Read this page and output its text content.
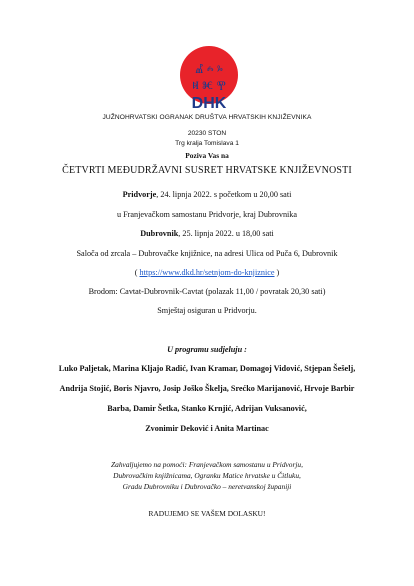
Ⰼ ⰾ ⰳ
Ⱝ Ⱘ Ⰹ
DHK
JUŽNOHRVATSKI OGRANAK DRUŠTVA HRVATSKIH KNJIŽEVNIKA
20230 STON
Trg kralja Tomislava 1
Poziva Vas na
ČETVRTI MEĐUDRŽAVNI SUSRET HRVATSKE KNJIŽEVNOSTI
Pridvorje, 24. lipnja 2022. s početkom u 20,00 sati
u Franjevačkom samostanu Pridvorje, kraj Dubrovnika
Dubrovnik, 25. lipnja 2022. u 18,00 sati
Saloča od zrcala – Dubrovačke knjižnice, na adresi Ulica od Puča 6, Dubrovnik
( https://www.dkd.hr/setnjom-do-knjiznice )
Brodom: Cavtat-Dubrovnik-Cavtat (polazak 11,00 / povratak 20,30 sati)
Smještaj osiguran u Pridvorju.
U programu sudjeluju :
Luko Paljetak, Marina Kljajo Radić, Ivan Kramar, Domagoj Vidović, Stjepan Šešelj,
Andrija Stojić, Boris Njavro, Josip Joško Škelja, Srećko Marijanović, Hrvoje Barbir
Barba, Damir Šetka, Stanko Krnjić, Adrijan Vuksanović,
Zvonimir Deković i Anita Martinac
Zahvaljujemo na pomoći: Franjevačkom samostanu u Pridvorju,
Dubrovačkim knjižnicama, Ogranku Matice hrvatske u Čitluku,
Gradu Dubrovniku i Dubrovačko – neretvanskoj županiji
RADUJEMO SE VAŠEM DOLASKU!
